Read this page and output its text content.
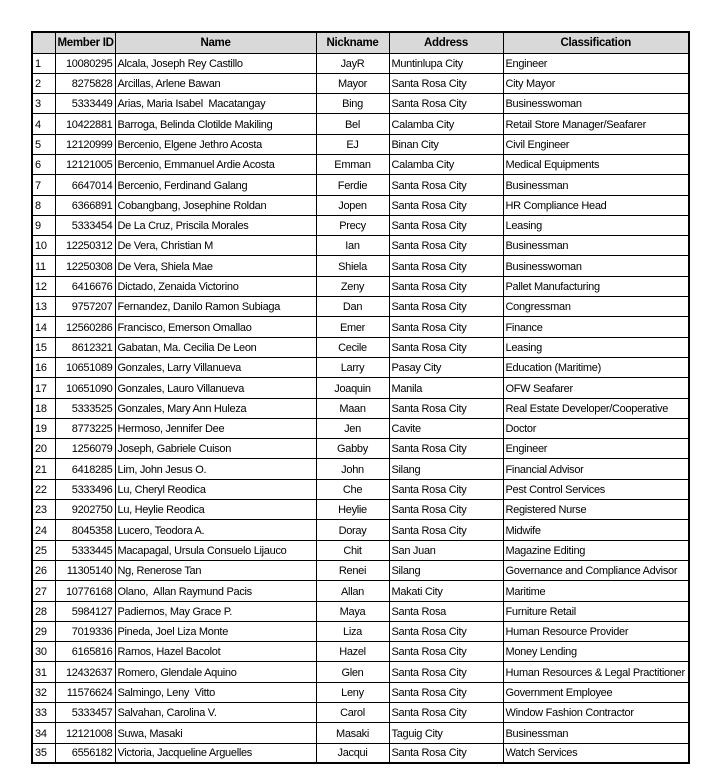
	Member ID	Name	Nickname	Address	Classification
1	10080295	Alcala, Joseph Rey Castillo	JayR	Muntinlupa City	Engineer
2	8275828	Arcillas, Arlene Bawan	Mayor	Santa Rosa City	City Mayor
3	5333449	Arias, Maria Isabel  Macatangay	Bing	Santa Rosa City	Businesswoman
4	10422881	Barroga, Belinda Clotilde Makiling	Bel	Calamba City	Retail Store Manager/Seafarer
5	12120999	Bercenio, Elgene Jethro Acosta	EJ	Binan City	Civil Engineer
6	12121005	Bercenio, Emmanuel Ardie Acosta	Emman	Calamba City	Medical Equipments
7	6647014	Bercenio, Ferdinand Galang	Ferdie	Santa Rosa City	Businessman
8	6366891	Cobangbang, Josephine Roldan	Jopen	Santa Rosa City	HR Compliance Head
9	5333454	De La Cruz, Priscila Morales	Precy	Santa Rosa City	Leasing
10	12250312	De Vera, Christian M	Ian	Santa Rosa City	Businessman
11	12250308	De Vera, Shiela Mae	Shiela	Santa Rosa City	Businesswoman
12	6416676	Dictado, Zenaida Victorino	Zeny	Santa Rosa City	Pallet Manufacturing
13	9757207	Fernandez, Danilo Ramon Subiaga	Dan	Santa Rosa City	Congressman
14	12560286	Francisco, Emerson Omallao	Emer	Santa Rosa City	Finance
15	8612321	Gabatan, Ma. Cecilia De Leon	Cecile	Santa Rosa City	Leasing
16	10651089	Gonzales, Larry Villanueva	Larry	Pasay City	Education (Maritime)
17	10651090	Gonzales, Lauro Villanueva	Joaquin	Manila	OFW Seafarer
18	5333525	Gonzales, Mary Ann Huleza	Maan	Santa Rosa City	Real Estate Developer/Cooperative
19	8773225	Hermoso, Jennifer Dee	Jen	Cavite	Doctor
20	1256079	Joseph, Gabriele Cuison	Gabby	Santa Rosa City	Engineer
21	6418285	Lim, John Jesus O.	John	Silang	Financial Advisor
22	5333496	Lu, Cheryl Reodica	Che	Santa Rosa City	Pest Control Services
23	9202750	Lu, Heylie Reodica	Heylie	Santa Rosa City	Registered Nurse
24	8045358	Lucero, Teodora A.	Doray	Santa Rosa City	Midwife
25	5333445	Macapagal, Ursula Consuelo Lijauco	Chit	San Juan	Magazine Editing
26	11305140	Ng, Renerose Tan	Renei	Silang	Governance and Compliance Advisor
27	10776168	Olano,  Allan Raymund Pacis	Allan	Makati City	Maritime
28	5984127	Padiernos, May Grace P.	Maya	Santa Rosa	Furniture Retail
29	7019336	Pineda, Joel Liza Monte	Liza	Santa Rosa City	Human Resource Provider
30	6165816	Ramos, Hazel Bacolot	Hazel	Santa Rosa City	Money Lending
31	12432637	Romero, Glendale Aquino	Glen	Santa Rosa City	Human Resources & Legal Practitioner
32	11576624	Salmingo, Leny  Vitto	Leny	Santa Rosa City	Government Employee
33	5333457	Salvahan, Carolina V.	Carol	Santa Rosa City	Window Fashion Contractor
34	12121008	Suwa, Masaki	Masaki	Taguig City	Businessman
35	6556182	Victoria, Jacqueline Arguelles	Jacqui	Santa Rosa City	Watch Services
